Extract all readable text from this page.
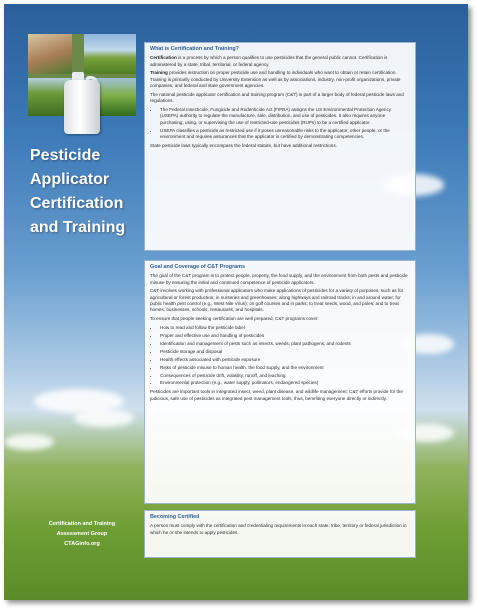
Pesticide
Applicator
Certification
and Training
Certification and Training
Assessment Group
CTAGinfo.org
What is Certification and Training?

Certification is a process by which a person qualifies to use pesticides that the general public cannot. Certification is administered by a state, tribal, territorial, or federal agency.

Training provides instruction on proper pesticide use and handling to individuals who want to obtain or retain certification. Training is primarily conducted by University Extension as well as by associations, industry, non-profit organizations, private companies, and federal and state government agencies.

The national pesticide applicator certification and training program (C&T) is part of a larger body of federal pesticide laws and regulations.

• The Federal Insecticide, Fungicide and Rodenticide Act (FIFRA) assigns the US Environmental Protection Agency (USEPA) authority to regulate the manufacture, sale, distribution, and use of pesticides. It also requires anyone purchasing, using, or supervising the use of restricted-use pesticides (RUPs) to be a certified applicator.
• USEPA classifies a pesticide as restricted use if it poses unreasonable risks to the applicator, other people, or the environment and requires assurances that the applicator is certified by demonstrating competencies.

State pesticide laws typically encompass the federal statute, but have additional restrictions.

Goal and Coverage of C&T Programs

The goal of the C&T program is to protect people, property, the food supply, and the environment from both pests and pesticide misuse by ensuring the initial and continued competence of pesticide applicators.

C&T involves working with professional applicators who make applications of pesticides for a variety of purposes, such as for agricultural or forest production; in nurseries and greenhouses; along highways and railroad tracks; in and around water; for public health pest control (e.g., West Nile Virus); on golf courses and in parks; to treat seeds, wood, and poles; and to treat homes, businesses, schools, restaurants, and hospitals.

To ensure that people seeking certification are well prepared, C&T programs cover:

• How to read and follow the pesticide label
• Proper and effective use and handling of pesticides
• Identification and management of pests such as insects, weeds, plant pathogens, and rodents
• Pesticide storage and disposal
• Health effects associated with pesticide exposure
• Risks of pesticide misuse to human health, the food supply, and the environment
• Consequences of pesticide drift, volatility, runoff, and leaching
• Environmental protection (e.g., water supply, pollinators, endangered species)

Pesticides are important tools in integrated insect, weed, plant disease, and wildlife management; C&T efforts provide for the judicious, safe use of pesticides as integrated pest management tools; thus, benefiting everyone directly or indirectly.

Becoming Certified

A person must comply with the certification and credentialing requirements in each state, tribe, territory or federal jurisdiction in which he or she intends to apply pesticides.
